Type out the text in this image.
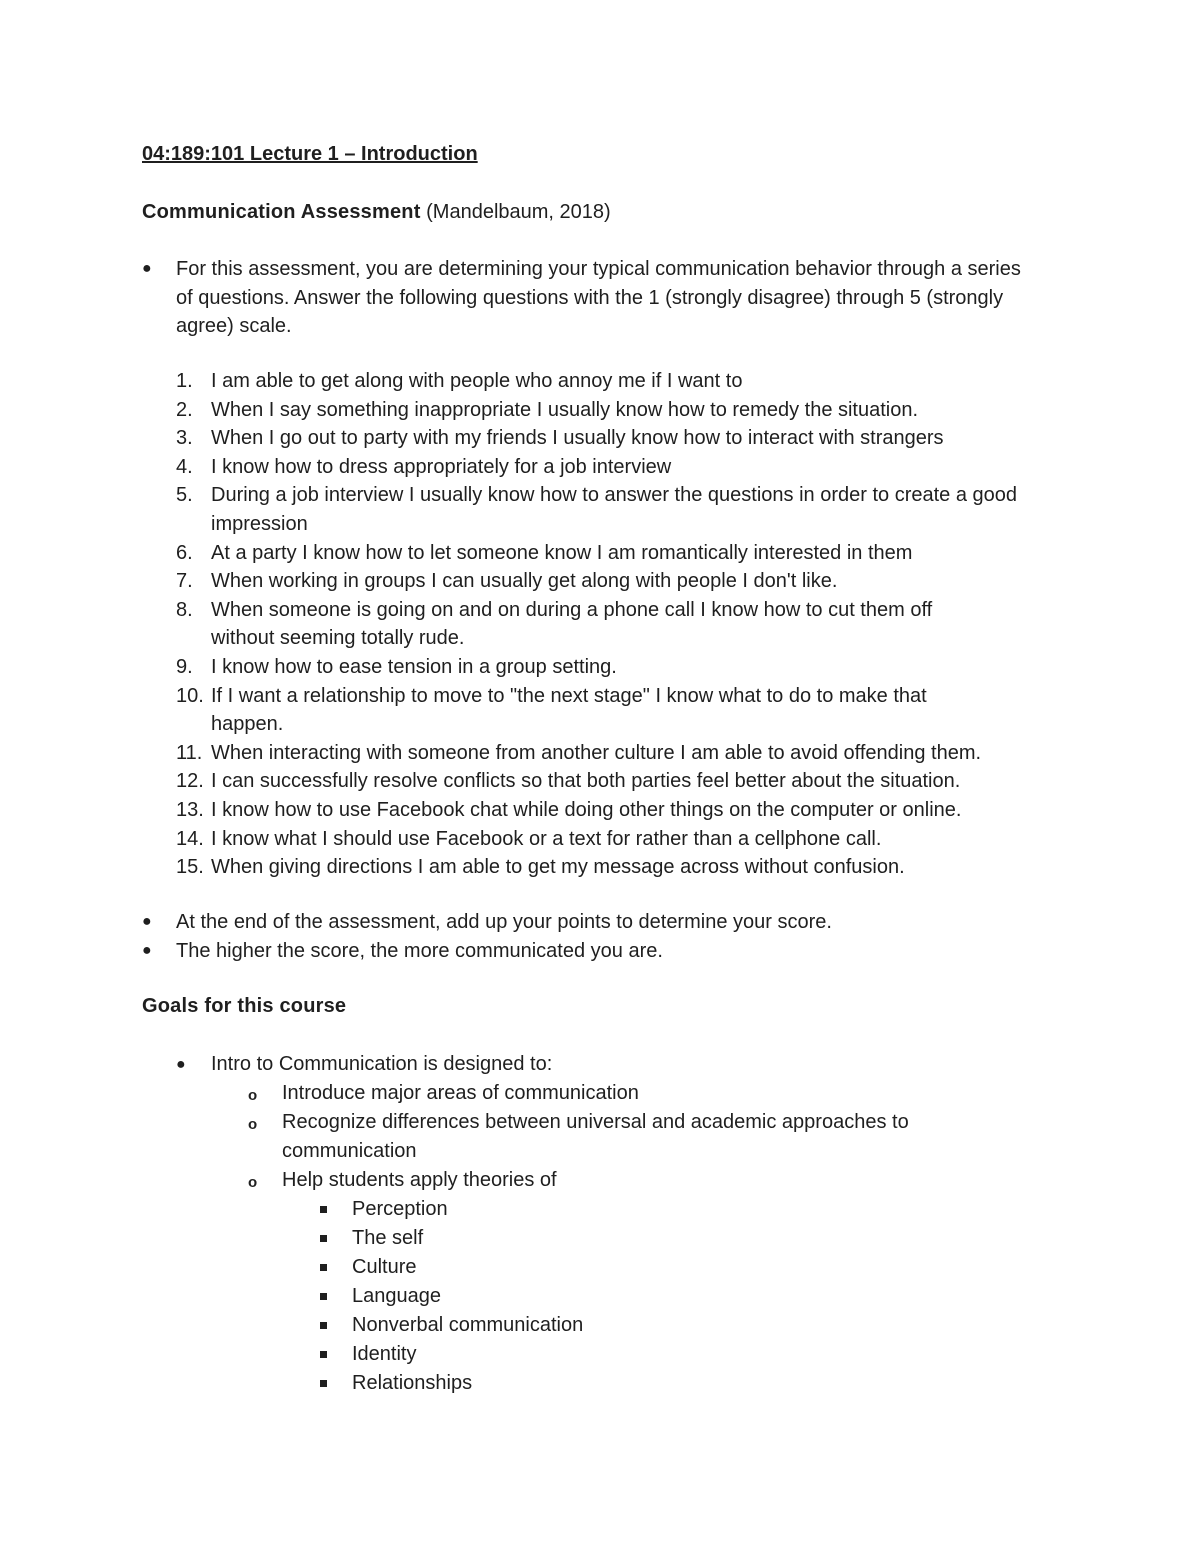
04:189:101 Lecture 1 – Introduction
Communication Assessment (Mandelbaum, 2018)
●	For this assessment, you are determining your typical communication behavior through a series of questions. Answer the following questions with the 1 (strongly disagree) through 5 (strongly agree) scale.
1. I am able to get along with people who annoy me if I want to
2. When I say something inappropriate I usually know how to remedy the situation.
3. When I go out to party with my friends I usually know how to interact with strangers
4. I know how to dress appropriately for a job interview
5. During a job interview I usually know how to answer the questions in order to create a good impression
6. At a party I know how to let someone know I am romantically interested in them
7. When working in groups I can usually get along with people I don't like.
8. When someone is going on and on during a phone call I know how to cut them off without seeming totally rude.
9. I know how to ease tension in a group setting.
10. If I want a relationship to move to "the next stage" I know what to do to make that happen.
11. When interacting with someone from another culture I am able to avoid offending them.
12. I can successfully resolve conflicts so that both parties feel better about the situation.
13. I know how to use Facebook chat while doing other things on the computer or online.
14. I know what I should use Facebook or a text for rather than a cellphone call.
15. When giving directions I am able to get my message across without confusion.
●	At the end of the assessment, add up your points to determine your score.
●	The higher the score, the more communicated you are.
Goals for this course
● Intro to Communication is designed to:
o Introduce major areas of communication
o Recognize differences between universal and academic approaches to communication
o Help students apply theories of
Perception
The self
Culture
Language
Nonverbal communication
Identity
Relationships
